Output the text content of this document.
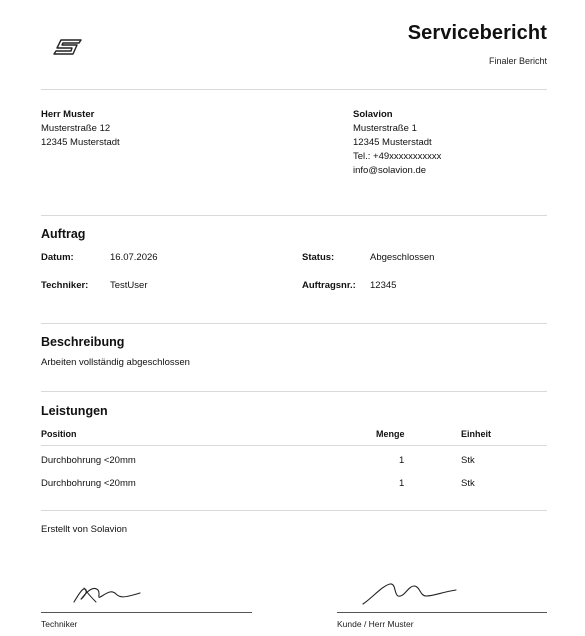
Servicebericht
Finaler Bericht
Herr Muster
Musterstraße 12
12345 Musterstadt
Solavion
Musterstraße 1
12345 Musterstadt
Tel.: +49xxxxxxxxxxx
info@solavion.de
Auftrag
Datum:	16.07.2026	Status:	Abgeschlossen
Techniker: TestUser	Auftragsnr.: 12345
Beschreibung
Arbeiten vollständig abgeschlossen
Leistungen
Position	Menge	Einheit
Durchbohrung <20mm	1	Stk
Durchbohrung <20mm	1	Stk
Erstellt von Solavion
Techniker	Kunde / Herr Muster
